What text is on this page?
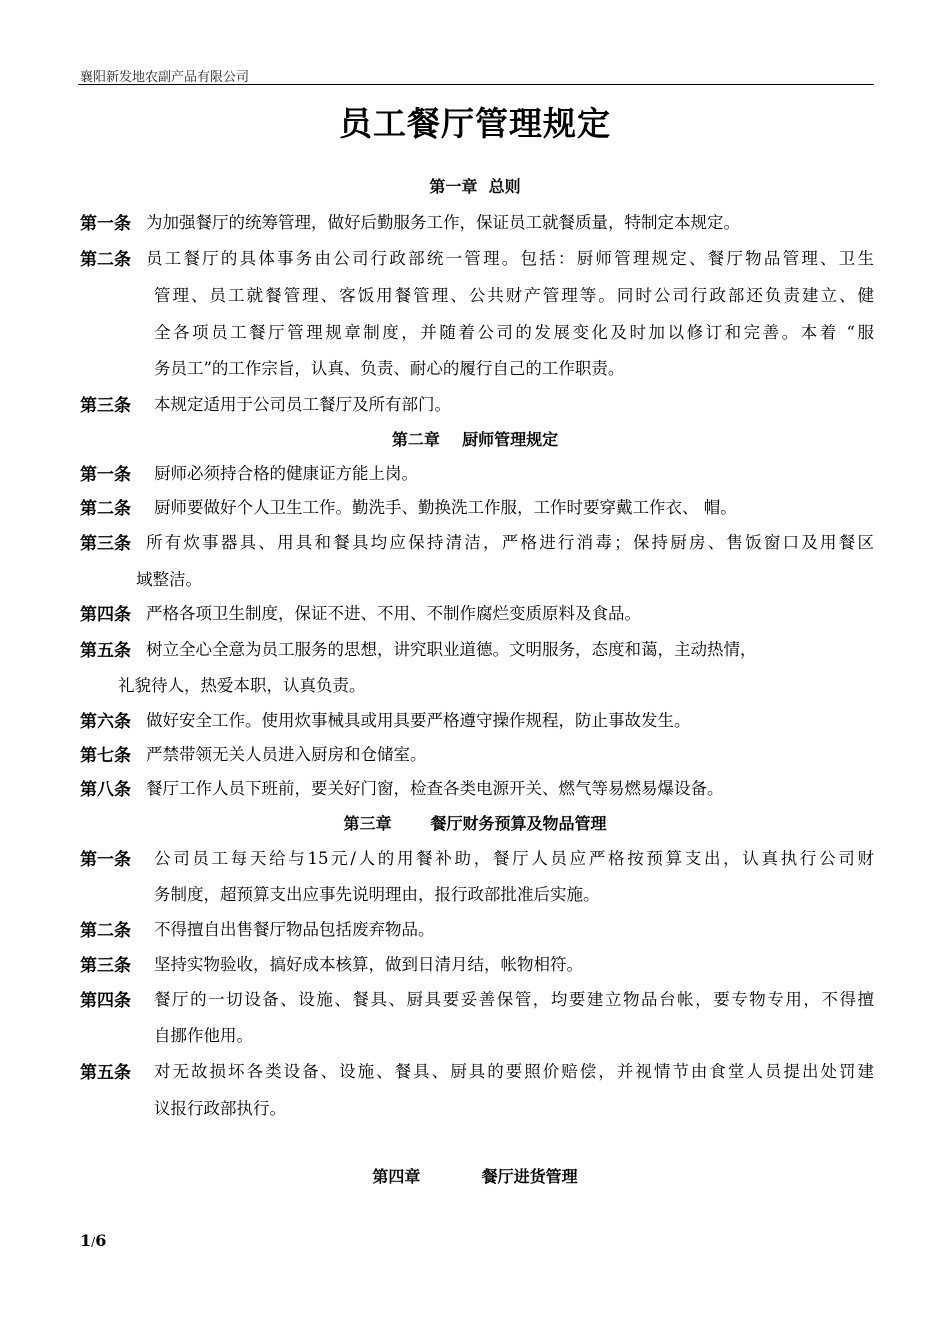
襄阳新发地农副产品有限公司
员工餐厅管理规定
第一章  总则
第一条 为加强餐厅的统筹管理，做好后勤服务工作，保证员工就餐质量，特制定本规定。
第二条 员工餐厅的具体事务由公司行政部统一管理。包括：厨师管理规定、餐厅物品管理、卫生
管理、员工就餐管理、客饭用餐管理、公共财产管理等。同时公司行政部还负责建立、健
全各项员工餐厅管理规章制度，并随着公司的发展变化及时加以修订和完善。本着 “服
务员工”的工作宗旨，认真、负责、耐心的履行自己的工作职责。
第三条 本规定适用于公司员工餐厅及所有部门。
第二章    厨师管理规定
第一条 厨师必须持合格的健康证方能上岗。
第二条 厨师要做好个人卫生工作。勤洗手、勤换洗工作服，工作时要穿戴工作衣、 帽。
第三条 所有炊事器具、用具和餐具均应保持清洁，严格进行消毒；保持厨房、售饭窗口及用餐区
域整洁。
第四条 严格各项卫生制度，保证不进、不用、不制作腐烂变质原料及食品。
第五条 树立全心全意为员工服务的思想，讲究职业道德。文明服务，态度和蔼，主动热情，
礼貌待人，热爱本职，认真负责。
第六条 做好安全工作。使用炊事械具或用具要严格遵守操作规程，防止事故发生。
第七条 严禁带领无关人员进入厨房和仓储室。
第八条 餐厅工作人员下班前，要关好门窗，检查各类电源开关、燃气等易燃易爆设备。
第三章       餐厅财务预算及物品管理
第一条 公司员工每天给与15元/人的用餐补助，餐厅人员应严格按预算支出，认真执行公司财
务制度，超预算支出应事先说明理由，报行政部批准后实施。
第二条 不得擅自出售餐厅物品包括废弃物品。
第三条 坚持实物验收，搞好成本核算，做到日清月结，帐物相符。
第四条 餐厅的一切设备、设施、餐具、厨具要妥善保管，均要建立物品台帐，要专物专用，不得擅
自挪作他用。
第五条 对无故损坏各类设备、设施、餐具、厨具的要照价赔偿，并视情节由食堂人员提出处罚建
议报行政部执行。
第四章           餐厅进货管理
1/6
